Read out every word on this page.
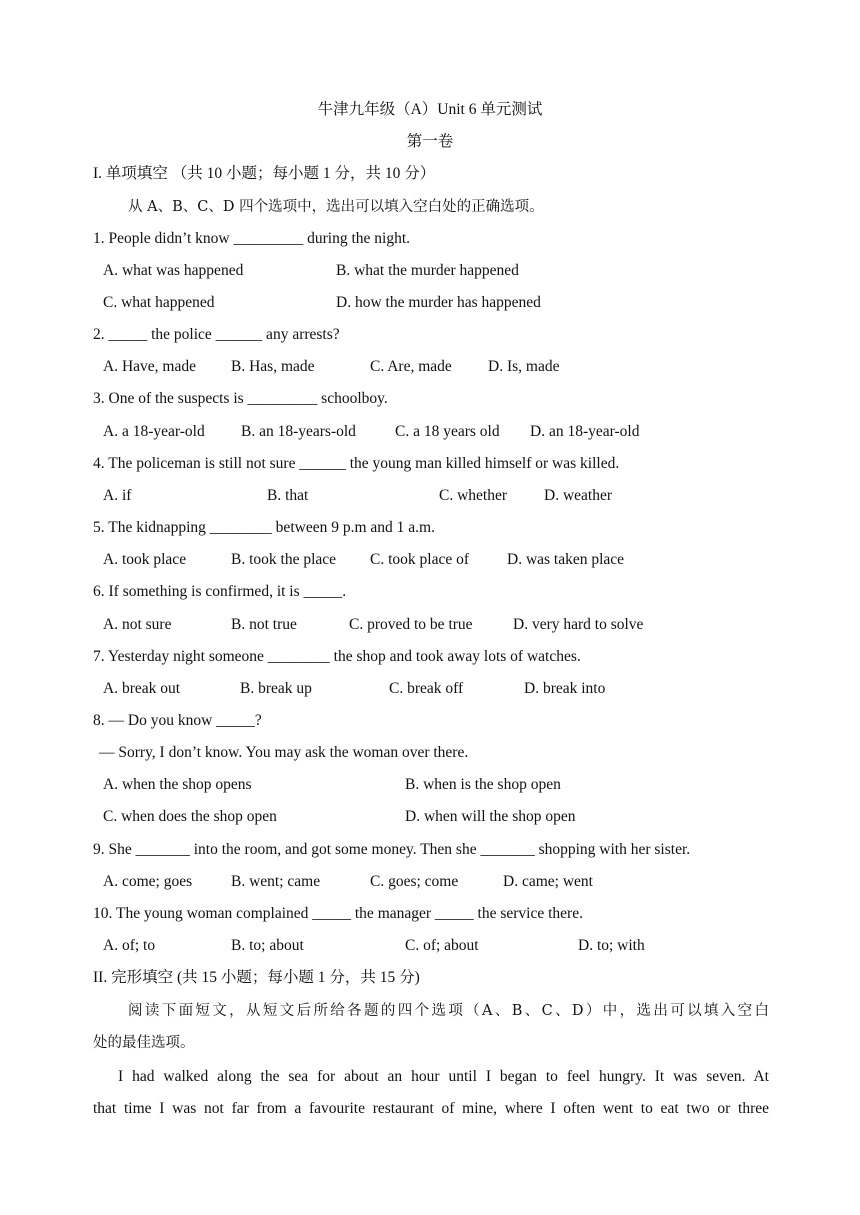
牛津九年级（A）Unit 6 单元测试
第一卷
I. 单项填空 （共 10 小题；每小题 1 分，共 10 分）
从 A、B、C、D 四个选项中，选出可以填入空白处的正确选项。
1. People didn’t know _________ during the night.
A. what was happened	B. what the murder happened
C. what happened	D. how the murder has happened
2. _____ the police ______ any arrests?
A. Have, made B. Has, made	C. Are, made D. Is, made
3. One of the suspects is _________ schoolboy.
A. a 18-year-old B. an 18-years-old	C. a 18 years old D. an 18-year-old
4. The policeman is still not sure ______ the young man killed himself or was killed.
A. if	B. that	C. whether D. weather
5. The kidnapping ________ between 9 p.m and 1 a.m.
A. took place	B. took the place C. took place of D. was taken place
6. If something is confirmed, it is _____.
A. not sure	B. not true	C. proved to be true	D. very hard to solve
7. Yesterday night someone ________ the shop and took away lots of watches.
A. break out	B. break up	C. break off	D. break into
8. ― Do you know _____?
― Sorry, I don’t know. You may ask the woman over there.
A. when the shop opens	B. when is the shop open
C. when does the shop open	D. when will the shop open
9. She _______ into the room, and got some money. Then she _______ shopping with her sister.
A. come; goes	B. went; came	C. goes; come	D. came; went
10. The young woman complained _____ the manager _____ the service there.
A. of; to	B. to; about	C. of; about	D. to; with
II. 完形填空 (共 15 小题；每小题 1 分，共 15 分)
阅读下面短文，从短文后所给各题的四个选项（A、B、C、D）中，选出可以填入空白
处的最佳选项。
I had walked along the sea for about an hour until I began to feel hungry. It was seven. At
that time I was not far from a favourite restaurant of mine, where I often went to eat two or three
